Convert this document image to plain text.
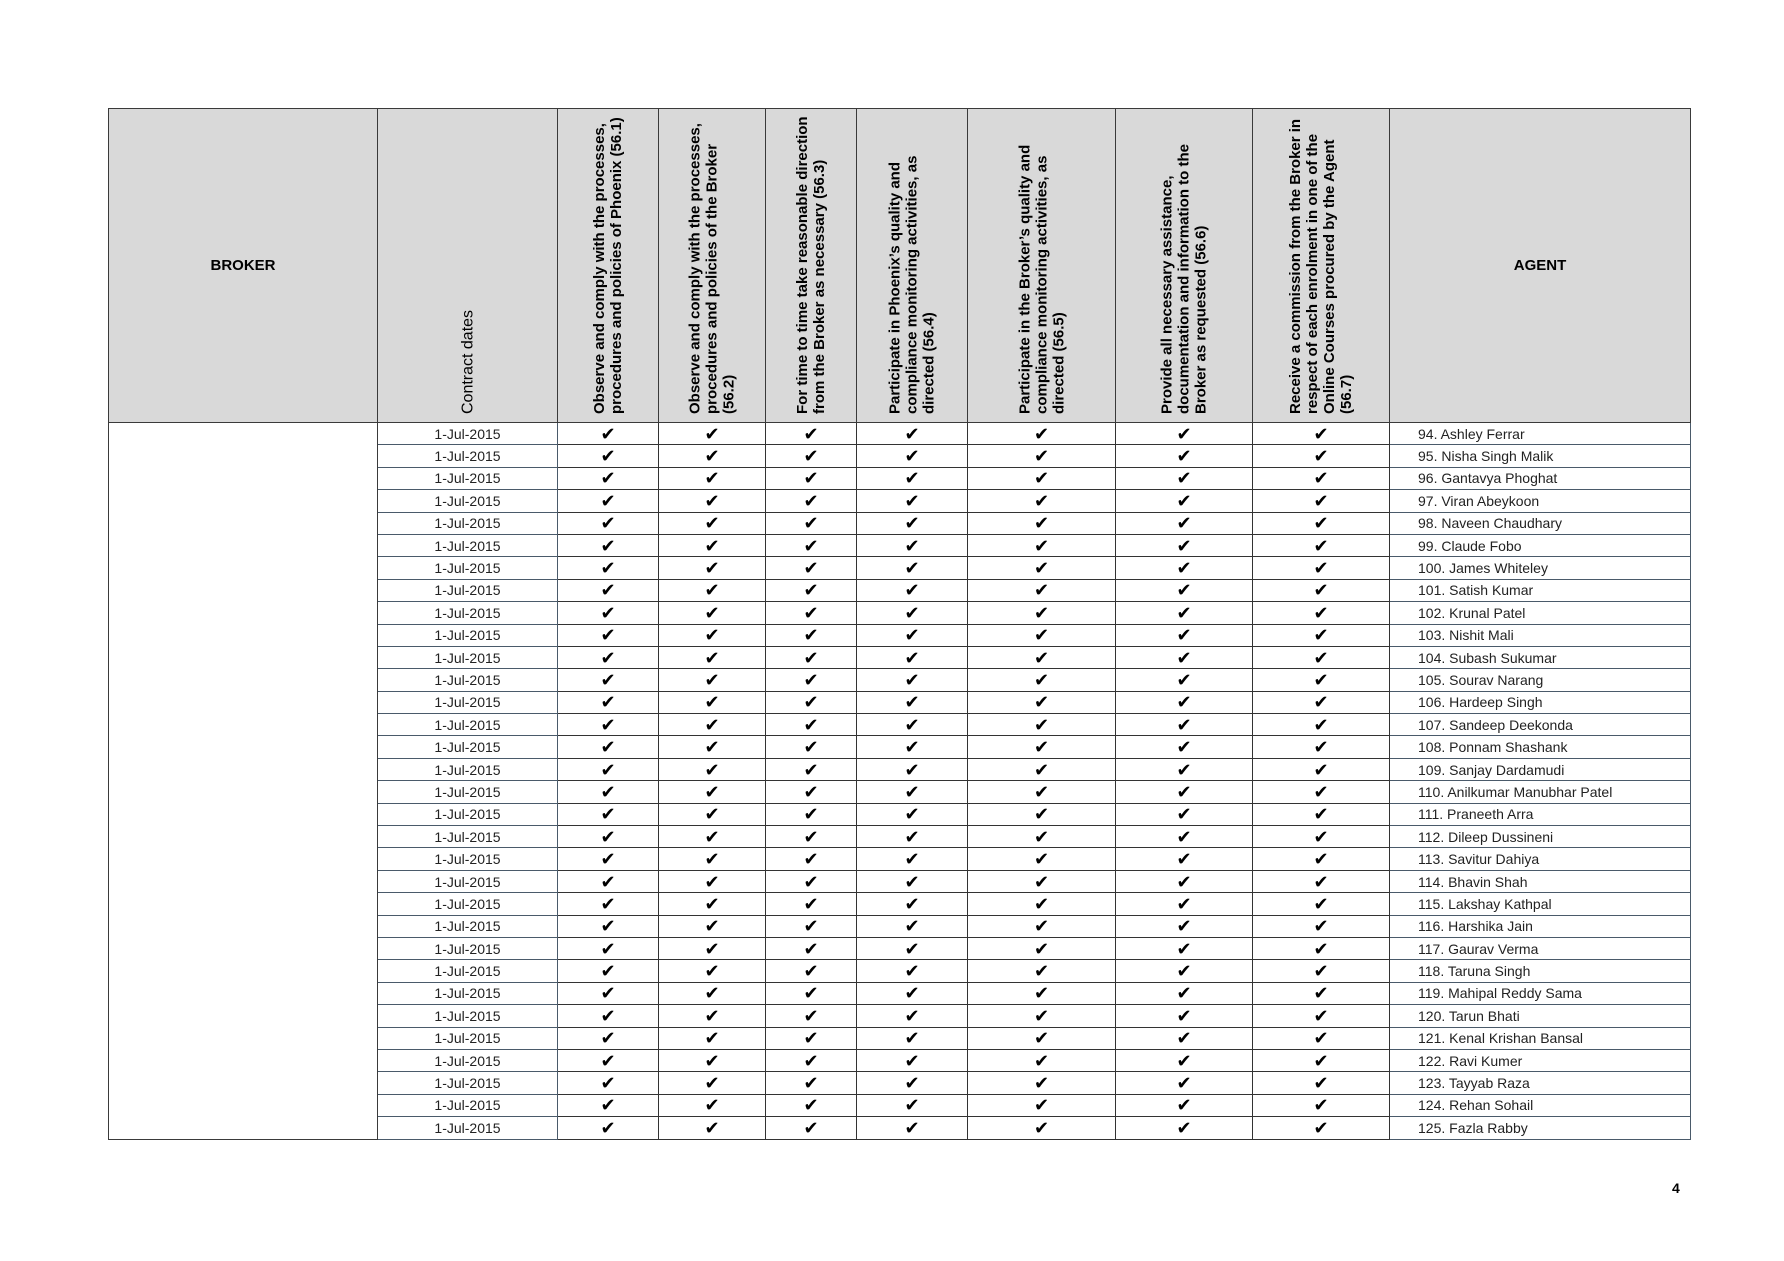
BROKER	Contract dates	Observe and comply with the processes, procedures and policies of Phoenix (56.1)	Observe and comply with the processes, procedures and policies of the Broker (56.2)	For time to time take reasonable direction from the Broker as necessary (56.3)	Participate in Phoenix’s quality and compliance monitoring activities, as directed (56.4)	Participate in the Broker’s quality and compliance monitoring activities, as directed (56.5)	Provide all necessary assistance, documentation and information to the Broker as requested (56.6)	Receive a commission from the Broker in respect of each enrolment in one of the Online Courses procured by the Agent (56.7)	AGENT
	1-Jul-2015	✔	✔	✔	✔	✔	✔	✔	94. Ashley Ferrar
	1-Jul-2015	✔	✔	✔	✔	✔	✔	✔	95. Nisha Singh Malik
	1-Jul-2015	✔	✔	✔	✔	✔	✔	✔	96. Gantavya Phoghat
	1-Jul-2015	✔	✔	✔	✔	✔	✔	✔	97. Viran Abeykoon
	1-Jul-2015	✔	✔	✔	✔	✔	✔	✔	98. Naveen Chaudhary
	1-Jul-2015	✔	✔	✔	✔	✔	✔	✔	99. Claude Fobo
	1-Jul-2015	✔	✔	✔	✔	✔	✔	✔	100. James Whiteley
	1-Jul-2015	✔	✔	✔	✔	✔	✔	✔	101. Satish Kumar
	1-Jul-2015	✔	✔	✔	✔	✔	✔	✔	102. Krunal Patel
	1-Jul-2015	✔	✔	✔	✔	✔	✔	✔	103. Nishit Mali
	1-Jul-2015	✔	✔	✔	✔	✔	✔	✔	104. Subash Sukumar
	1-Jul-2015	✔	✔	✔	✔	✔	✔	✔	105. Sourav Narang
	1-Jul-2015	✔	✔	✔	✔	✔	✔	✔	106. Hardeep Singh
	1-Jul-2015	✔	✔	✔	✔	✔	✔	✔	107. Sandeep Deekonda
	1-Jul-2015	✔	✔	✔	✔	✔	✔	✔	108. Ponnam Shashank
	1-Jul-2015	✔	✔	✔	✔	✔	✔	✔	109. Sanjay Dardamudi
	1-Jul-2015	✔	✔	✔	✔	✔	✔	✔	110. Anilkumar Manubhar Patel
	1-Jul-2015	✔	✔	✔	✔	✔	✔	✔	111. Praneeth Arra
	1-Jul-2015	✔	✔	✔	✔	✔	✔	✔	112. Dileep Dussineni
	1-Jul-2015	✔	✔	✔	✔	✔	✔	✔	113. Savitur Dahiya
	1-Jul-2015	✔	✔	✔	✔	✔	✔	✔	114. Bhavin Shah
	1-Jul-2015	✔	✔	✔	✔	✔	✔	✔	115. Lakshay Kathpal
	1-Jul-2015	✔	✔	✔	✔	✔	✔	✔	116. Harshika Jain
	1-Jul-2015	✔	✔	✔	✔	✔	✔	✔	117. Gaurav Verma
	1-Jul-2015	✔	✔	✔	✔	✔	✔	✔	118. Taruna Singh
	1-Jul-2015	✔	✔	✔	✔	✔	✔	✔	119. Mahipal Reddy Sama
	1-Jul-2015	✔	✔	✔	✔	✔	✔	✔	120. Tarun Bhati
	1-Jul-2015	✔	✔	✔	✔	✔	✔	✔	121. Kenal Krishan Bansal
	1-Jul-2015	✔	✔	✔	✔	✔	✔	✔	122. Ravi Kumer
	1-Jul-2015	✔	✔	✔	✔	✔	✔	✔	123. Tayyab Raza
	1-Jul-2015	✔	✔	✔	✔	✔	✔	✔	124. Rehan Sohail
	1-Jul-2015	✔	✔	✔	✔	✔	✔	✔	125. Fazla Rabby
4
